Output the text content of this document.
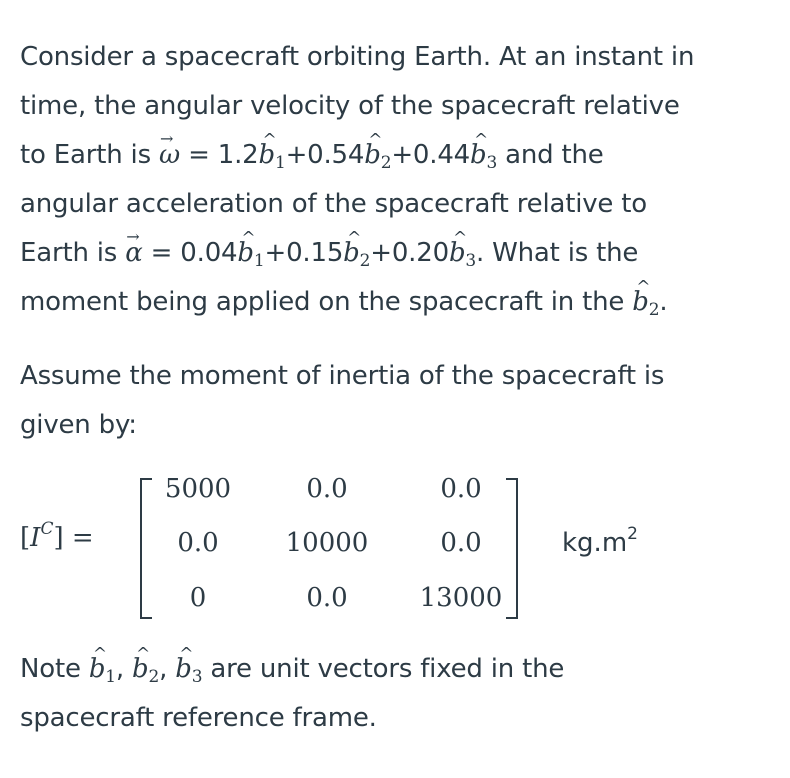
Consider a spacecraft orbiting Earth. At an instant in
time, the angular velocity of the spacecraft relative
to Earth is → ω = 1.2^ $b_1+0.54\^{}$ $b_2+0.44\^{}$ $b_3$ and the
angular acceleration of the spacecraft relative to
Earth is → α = 0.04^ $b_1+0.15\^{}$ $b_2+0.20\^{}$ $b_3$. What is the
moment being applied on the spacecraft in the ^ $b_2$.
Assume the moment of inertia of the spacecraft is
given by:
$[I^C]$ =
5000	0.0	0.0
0.0	10000	0.0
0	0.0	13000
$kg.m^2$
Note ^ $b_1$, ^ $b_2$, ^ $b_3$ are unit vectors fixed in the
spacecraft reference frame.
